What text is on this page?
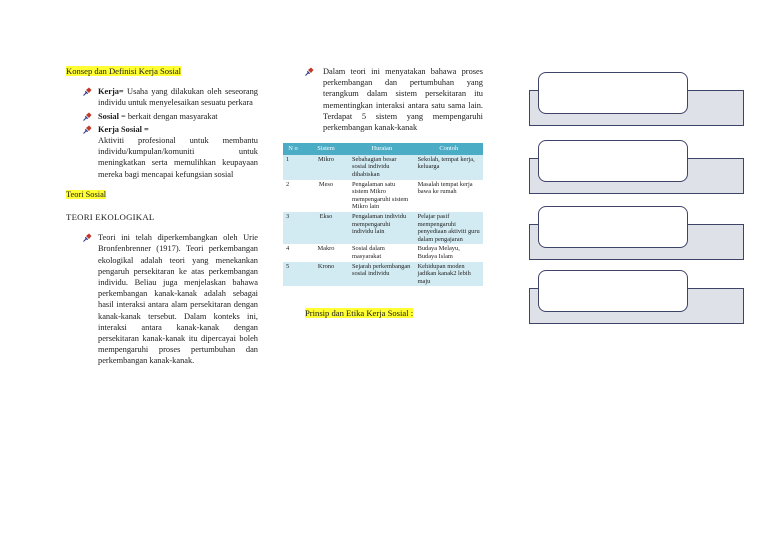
Konsep dan Definisi Kerja Sosial
Kerja= Usaha yang dilakukan oleh seseorang individu untuk menyelesaikan sesuatu perkara
Sosial = berkait dengan masyarakat
Kerja Sosial =
Aktiviti profesional untuk membantu individu/kumpulan/komuniti untuk meningkatkan serta memulihkan keupayaan mereka bagi mencapai kefungsian sosial
Teori Sosial
TEORI EKOLOGIKAL
Teori ini telah diperkembangkan oleh Urie Bronfenbrenner (1917). Teori perkembangan ekologikal adalah teori yang menekankan pengaruh persekitaran ke atas perkembangan individu. Beliau juga menjelaskan bahawa perkembangan kanak-kanak adalah sebagai hasil interaksi antara alam persekitaran dengan kanak-kanak tersebut. Dalam konteks ini, interaksi antara kanak-kanak dengan persekitaran kanak-kanak itu dipercayai boleh mempengaruhi proses pertumbuhan dan perkembangan kanak-kanak.
Dalam teori ini menyatakan bahawa proses perkembangan dan pertumbuhan yang terangkum dalam sistem persekitaran itu mementingkan interaksi antara satu sama lain. Terdapat 5 sistem yang mempengaruhi perkembangan kanak-kanak
N o	Sistem	Huraian	Contoh
1	Mikro	Sebahagian besar sosial individu dihabiskan	Sekolah, tempat kerja, keluarga
2	Meso	Pengalaman satu sistem Mikro mempengaruhi sistem Mikro lain	Masalah tempat kerja bawa ke rumah
3	Ekso	Pengalaman individu mempengaruhi individu lain	Pelajar pasif mempengaruhi penyediaan aktiviti guru dalam pengajaran
4	Makro	Sosial dalam masyarakat	Budaya Melayu, Budaya Islam
5	Krono	Sejarah perkembangan sosial individu	Kehidupan moden jadikan kanak2 lebih maju
Prinsip dan Etika Kerja Sosial :
